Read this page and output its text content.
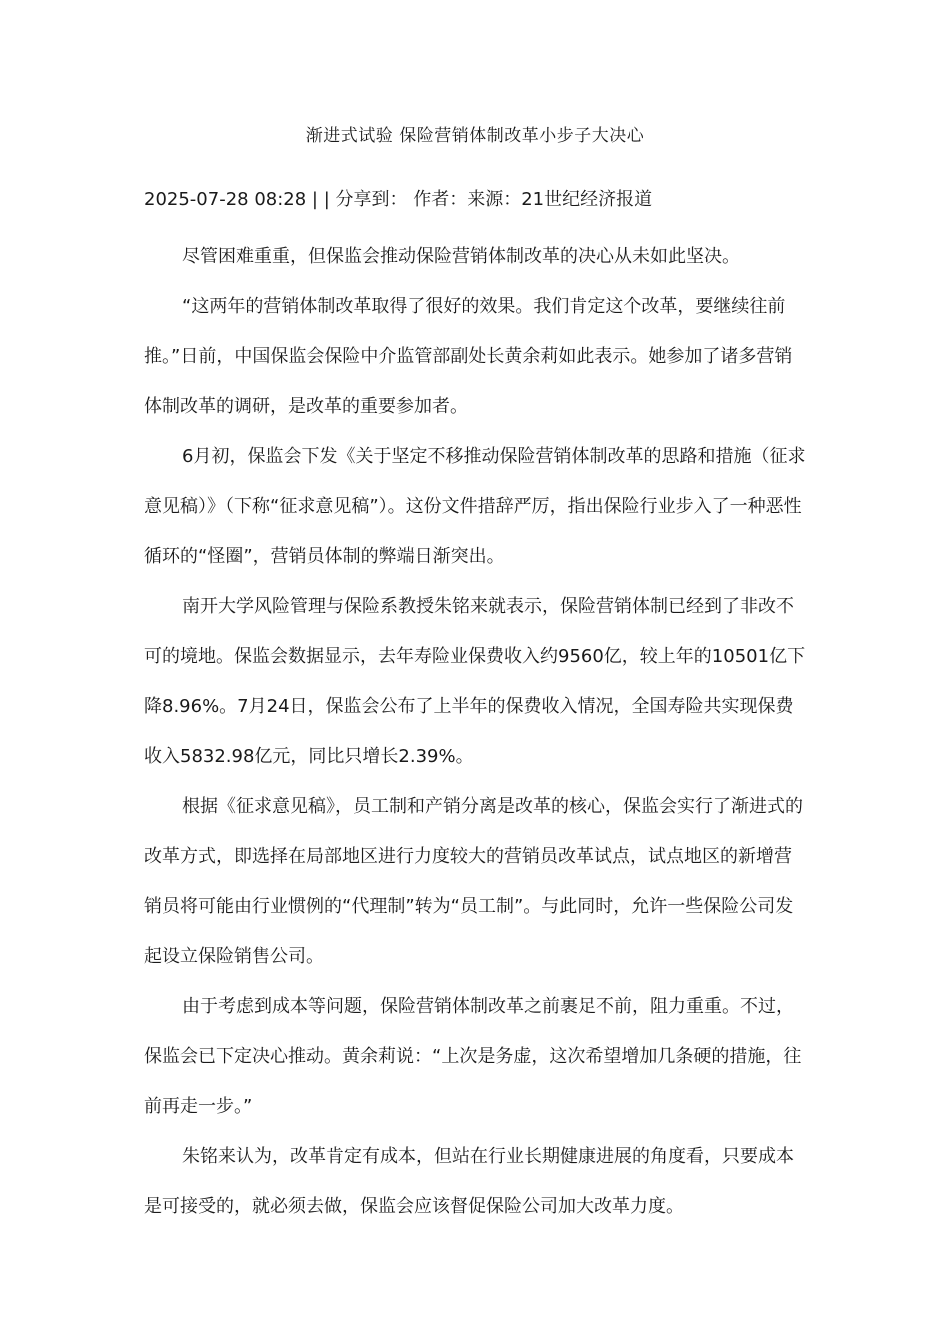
渐进式试验 保险营销体制改革小步子大决心
2025-07-28 08:28 | | 分享到： 作者：来源：21世纪经济报道

尽管困难重重，但保监会推动保险营销体制改革的决心从未如此坚决。

“这两年的营销体制改革取得了很好的效果。我们肯定这个改革，要继续往前推。”日前，中国保监会保险中介监管部副处长黄余莉如此表示。她参加了诸多营销体制改革的调研，是改革的重要参加者。

6月初，保监会下发《关于坚定不移推动保险营销体制改革的思路和措施（征求意见稿）》（下称“征求意见稿”）。这份文件措辞严厉，指出保险行业步入了一种恶性循环的“怪圈”，营销员体制的弊端日渐突出。

南开大学风险管理与保险系教授朱铭来就表示，保险营销体制已经到了非改不可的境地。保监会数据显示，去年寿险业保费收入约9560亿，较上年的10501亿下降8.96%。7月24日，保监会公布了上半年的保费收入情况，全国寿险共实现保费收入5832.98亿元，同比只增长2.39%。

根据《征求意见稿》，员工制和产销分离是改革的核心，保监会实行了渐进式的改革方式，即选择在局部地区进行力度较大的营销员改革试点，试点地区的新增营销员将可能由行业惯例的“代理制”转为“员工制”。与此同时，允许一些保险公司发起设立保险销售公司。

由于考虑到成本等问题，保险营销体制改革之前裹足不前，阻力重重。不过，保监会已下定决心推动。黄余莉说：“上次是务虚，这次希望增加几条硬的措施，往前再走一步。”

朱铭来认为，改革肯定有成本，但站在行业长期健康进展的角度看，只要成本是可接受的，就必须去做，保监会应该督促保险公司加大改革力度。
